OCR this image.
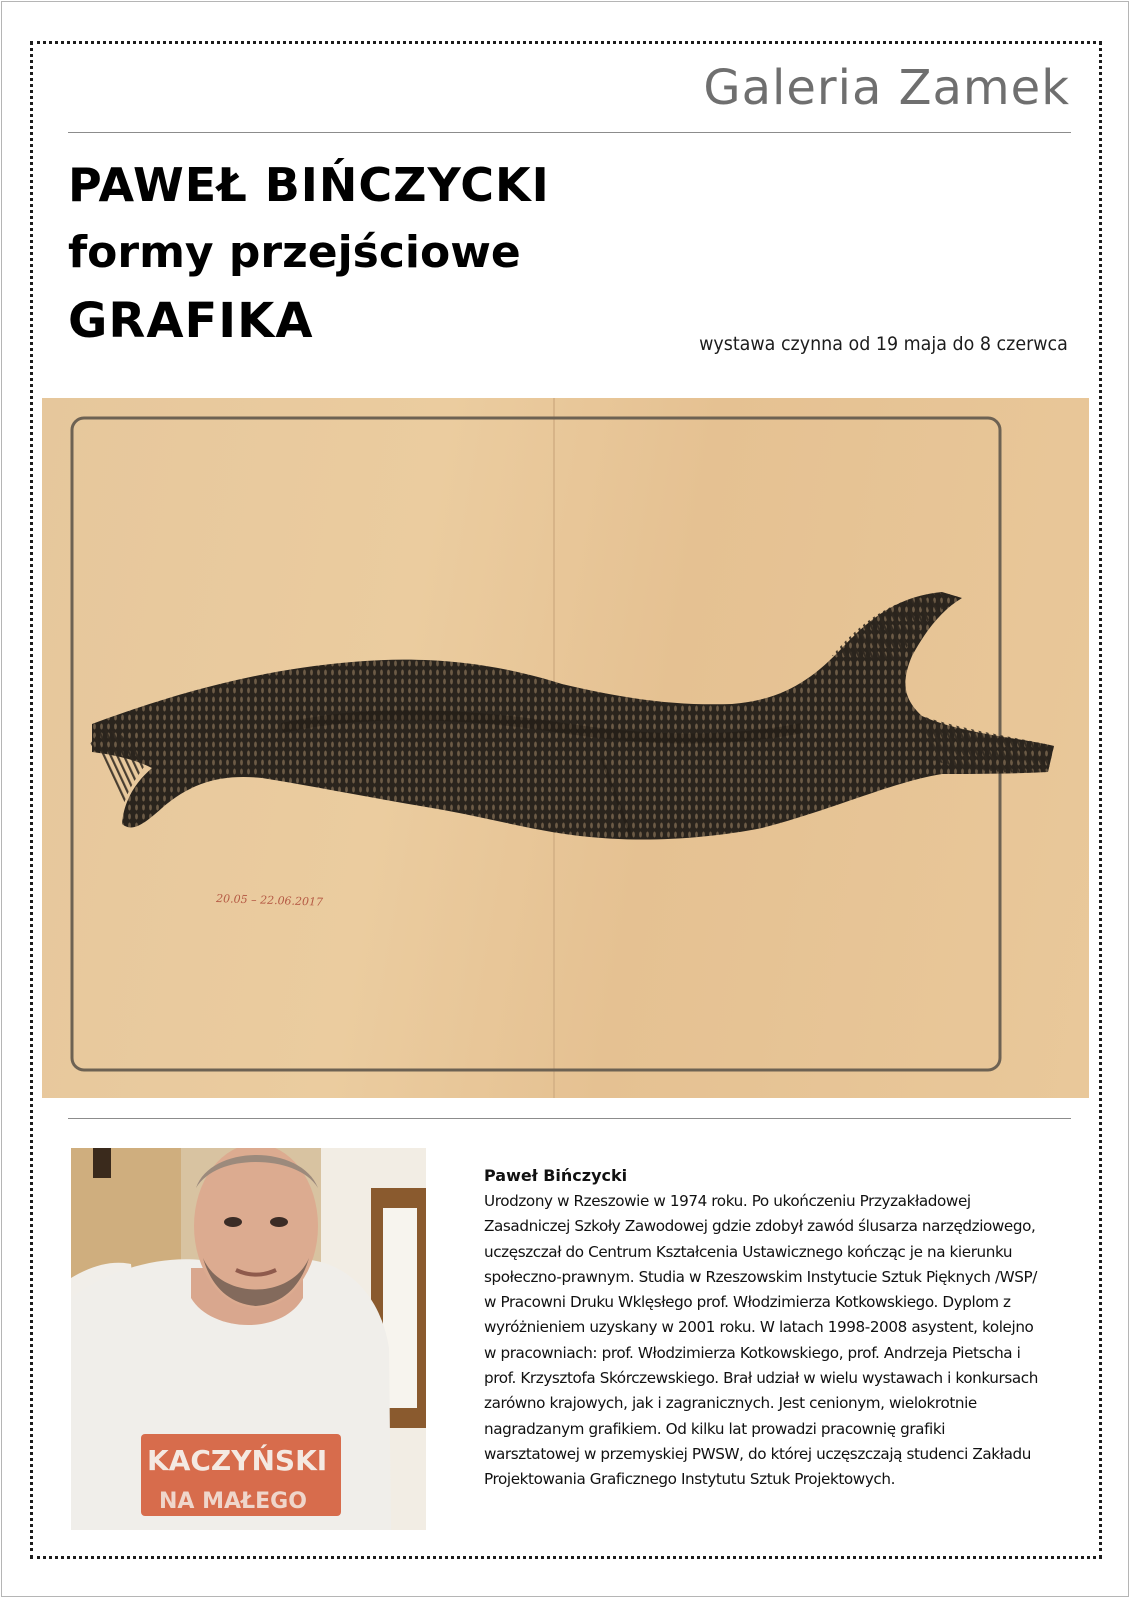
Galeria Zamek
PAWEŁ BIŃCZYCKI
formy przejściowe
GRAFIKA	wystawa czynna od 19 maja do 8 czerwca
20.05 – 22.06.2017
KACZYŃSKI
NA MAŁEGO

Paweł Bińczycki

Urodzony w Rzeszowie w 1974 roku. Po ukończeniu Przyzakładowej Zasadniczej Szkoły Zawodowej gdzie zdobył zawód ślusarza narzędziowego, uczęszczał do Centrum Kształcenia Ustawicznego kończąc je na kierunku społeczno-prawnym. Studia w Rzeszowskim Instytucie Sztuk Pięknych /WSP/ w Pracowni Druku Wklęsłego prof. Włodzimierza Kotkowskiego. Dyplom z wyróżnieniem uzyskany w 2001 roku. W latach 1998-2008 asystent, kolejno w pracowniach: prof. Włodzimierza Kotkowskiego, prof. Andrzeja Pietscha i prof. Krzysztofa Skórczewskiego. Brał udział w wielu wystawach i konkursach zarówno krajowych, jak i zagranicznych. Jest cenionym, wielokrotnie nagradzanym grafikiem. Od kilku lat prowadzi pracownię grafiki warsztatowej w przemyskiej PWSW, do której uczęszczają studenci Zakładu Projektowania Graficznego Instytutu Sztuk Projektowych.
